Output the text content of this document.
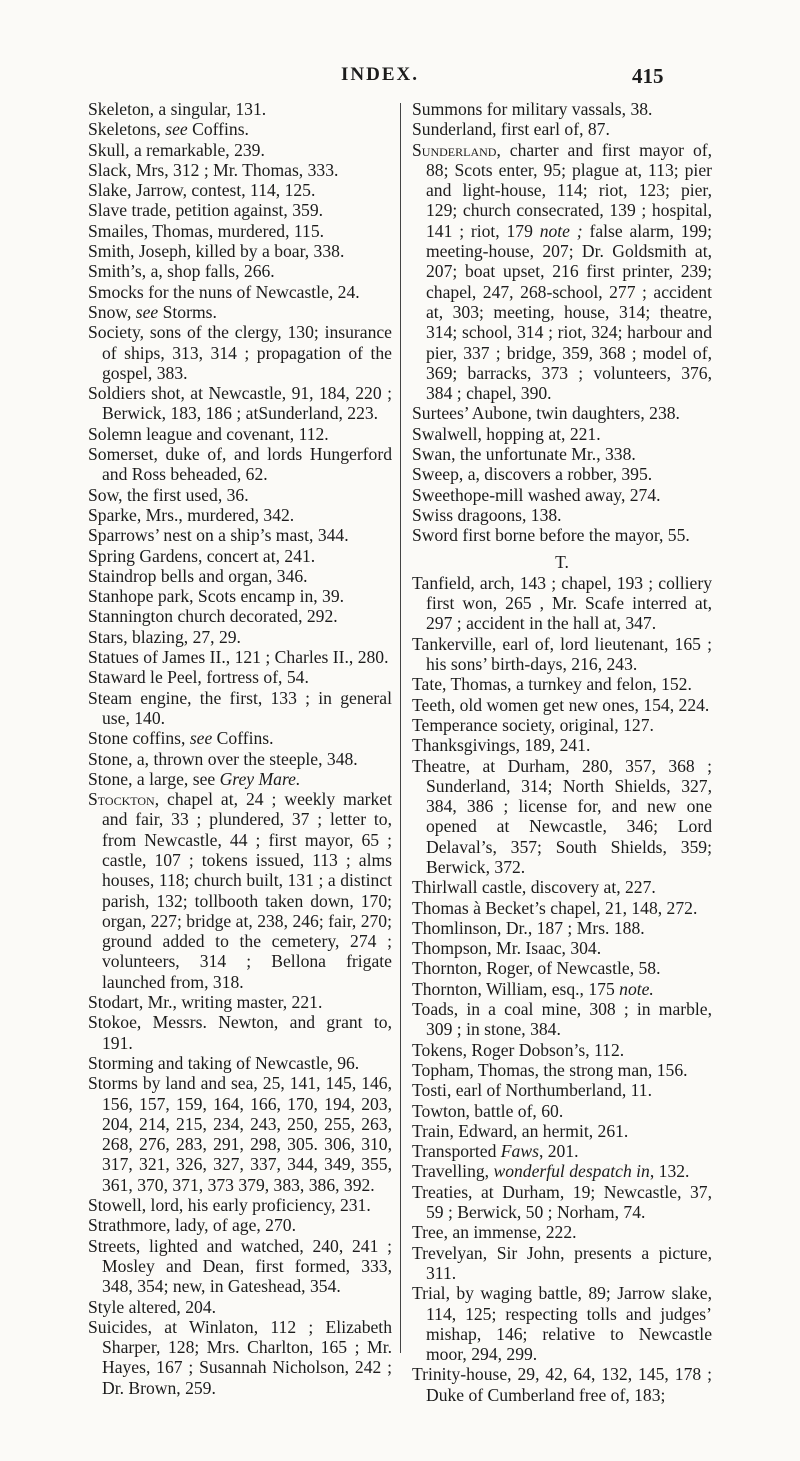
INDEX.	415

Skeleton, a singular, 131.

Skeletons, see Coffins.

Skull, a remarkable, 239.

Slack, Mrs, 312 ; Mr. Thomas, 333.

Slake, Jarrow, contest, 114, 125.

Slave trade, petition against, 359.

Smailes, Thomas, murdered, 115.

Smith, Joseph, killed by a boar, 338.

Smith’s, a, shop falls, 266.

Smocks for the nuns of Newcastle, 24.

Snow, see Storms.

Society, sons of the clergy, 130; insurance of ships, 313, 314 ; propagation of the gospel, 383.

Soldiers shot, at Newcastle, 91, 184, 220 ; Berwick, 183, 186 ; atSunderland, 223.

Solemn league and covenant, 112.

Somerset, duke of, and lords Hungerford and Ross beheaded, 62.

Sow, the first used, 36.

Sparke, Mrs., murdered, 342.

Sparrows’ nest on a ship’s mast, 344.

Spring Gardens, concert at, 241.

Staindrop bells and organ, 346.

Stanhope park, Scots encamp in, 39.

Stannington church decorated, 292.

Stars, blazing, 27, 29.

Statues of James II., 121 ; Charles II., 280.

Staward le Peel, fortress of, 54.

Steam engine, the first, 133 ; in general use, 140.

Stone coffins, see Coffins.

Stone, a, thrown over the steeple, 348.

Stone, a large, see Grey Mare.

Stockton, chapel at, 24 ; weekly market and fair, 33 ; plundered, 37 ; letter to, from Newcastle, 44 ; first mayor, 65 ; castle, 107 ; tokens issued, 113 ; alms houses, 118; church built, 131 ; a distinct parish, 132; tollbooth taken down, 170; organ, 227; bridge at, 238, 246; fair, 270; ground added to the cemetery, 274 ; volunteers, 314 ; Bellona frigate launched from, 318.

Stodart, Mr., writing master, 221.

Stokoe, Messrs. Newton, and grant to, 191.

Storming and taking of Newcastle, 96.

Storms by land and sea, 25, 141, 145, 146, 156, 157, 159, 164, 166, 170, 194, 203, 204, 214, 215, 234, 243, 250, 255, 263, 268, 276, 283, 291, 298, 305. 306, 310, 317, 321, 326, 327, 337, 344, 349, 355, 361, 370, 371, 373 379, 383, 386, 392.

Stowell, lord, his early proficiency, 231.

Strathmore, lady, of age, 270.

Streets, lighted and watched, 240, 241 ; Mosley and Dean, first formed, 333, 348, 354; new, in Gateshead, 354.

Style altered, 204.

Suicides, at Winlaton, 112 ; Elizabeth Sharper, 128; Mrs. Charlton, 165 ; Mr. Hayes, 167 ; Susannah Nicholson, 242 ; Dr. Brown, 259.

Summons for military vassals, 38.

Sunderland, first earl of, 87.

Sunderland, charter and first mayor of, 88; Scots enter, 95; plague at, 113; pier and light-house, 114; riot, 123; pier, 129; church consecrated, 139 ; hospital, 141 ; riot, 179 note ; false alarm, 199; meeting-house, 207; Dr. Goldsmith at, 207; boat upset, 216 first printer, 239; chapel, 247, 268-school, 277 ; accident at, 303; meeting, house, 314; theatre, 314; school, 314 ; riot, 324; harbour and pier, 337 ; bridge, 359, 368 ; model of, 369; barracks, 373 ; volunteers, 376, 384 ; chapel, 390.

Surtees’ Aubone, twin daughters, 238.

Swalwell, hopping at, 221.

Swan, the unfortunate Mr., 338.

Sweep, a, discovers a robber, 395.

Sweethope-mill washed away, 274.

Swiss dragoons, 138.

Sword first borne before the mayor, 55.

T.

Tanfield, arch, 143 ; chapel, 193 ; colliery first won, 265 , Mr. Scafe interred at, 297 ; accident in the hall at, 347.

Tankerville, earl of, lord lieutenant, 165 ; his sons’ birth-days, 216, 243.

Tate, Thomas, a turnkey and felon, 152.

Teeth, old women get new ones, 154, 224.

Temperance society, original, 127.

Thanksgivings, 189, 241.

Theatre, at Durham, 280, 357, 368 ; Sunderland, 314; North Shields, 327, 384, 386 ; license for, and new one opened at Newcastle, 346; Lord Delaval’s, 357; South Shields, 359; Berwick, 372.

Thirlwall castle, discovery at, 227.

Thomas à Becket’s chapel, 21, 148, 272.

Thomlinson, Dr., 187 ; Mrs. 188.

Thompson, Mr. Isaac, 304.

Thornton, Roger, of Newcastle, 58.

Thornton, William, esq., 175 note.

Toads, in a coal mine, 308 ; in marble, 309 ; in stone, 384.

Tokens, Roger Dobson’s, 112.

Topham, Thomas, the strong man, 156.

Tosti, earl of Northumberland, 11.

Towton, battle of, 60.

Train, Edward, an hermit, 261.

Transported Faws, 201.

Travelling, wonderful despatch in, 132.

Treaties, at Durham, 19; Newcastle, 37, 59 ; Berwick, 50 ; Norham, 74.

Tree, an immense, 222.

Trevelyan, Sir John, presents a picture, 311.

Trial, by waging battle, 89; Jarrow slake, 114, 125; respecting tolls and judges’ mishap, 146; relative to Newcastle moor, 294, 299.

Trinity-house, 29, 42, 64, 132, 145, 178 ; Duke of Cumberland free of, 183;
